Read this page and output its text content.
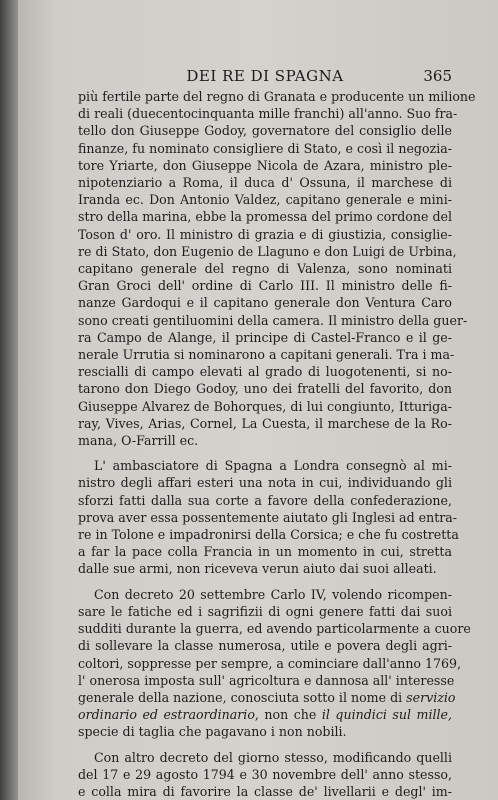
DEI RE DI SPAGNA	365
più fertile parte del regno di Granata e producente un milione
di reali (duecentocinquanta mille franchi) all'anno. Suo fra-
tello don Giuseppe Godoy, governatore del consiglio delle
finanze, fu nominato consigliere di Stato, e così il negozia-
tore Yriarte, don Giuseppe Nicola de Azara, ministro ple-
nipotenziario a Roma, il duca d' Ossuna, il marchese di
Iranda ec. Don Antonio Valdez, capitano generale e mini-
stro della marina, ebbe la promessa del primo cordone del
Toson d' oro. Il ministro di grazia e di giustizia, consiglie-
re di Stato, don Eugenio de Llaguno e don Luigi de Urbina,
capitano generale del regno di Valenza, sono nominati
Gran Groci dell' ordine di Carlo III. Il ministro delle fi-
nanze Gardoqui e il capitano generale don Ventura Caro
sono creati gentiluomini della camera. Il ministro della guer-
ra Campo de Alange, il principe di Castel-Franco e il ge-
nerale Urrutia si nominarono a capitani generali. Tra i ma-
rescialli di campo elevati al grado di luogotenenti, si no-
tarono don Diego Godoy, uno dei fratelli del favorito, don
Giuseppe Alvarez de Bohorques, di lui congiunto, Itturiga-
ray, Vives, Arias, Cornel, La Cuesta, il marchese de la Ro-
mana, O-Farrill ec.
L' ambasciatore di Spagna a Londra consegnò al mi-
nistro degli affari esteri una nota in cui, individuando gli
sforzi fatti dalla sua corte a favore della confederazione,
prova aver essa possentemente aiutato gli Inglesi ad entra-
re in Tolone e impadronirsi della Corsica; e che fu costretta
a far la pace colla Francia in un momento in cui, stretta
dalle sue armi, non riceveva verun aiuto dai suoi alleati.
Con decreto 20 settembre Carlo IV, volendo ricompen-
sare le fatiche ed i sagrifizii di ogni genere fatti dai suoi
sudditi durante la guerra, ed avendo particolarmente a cuore
di sollevare la classe numerosa, utile e povera degli agri-
coltori, soppresse per sempre, a cominciare dall'anno 1769,
l' onerosa imposta sull' agricoltura e dannosa all' interesse
generale della nazione, conosciuta sotto il nome di servizio
ordinario ed estraordinario, non che il quindici sul mille,
specie di taglia che pagavano i non nobili.
Con altro decreto del giorno stesso, modificando quelli
del 17 e 29 agosto 1794 e 30 novembre dell' anno stesso,
e colla mira di favorire la classe de' livellarii e degl' im-
